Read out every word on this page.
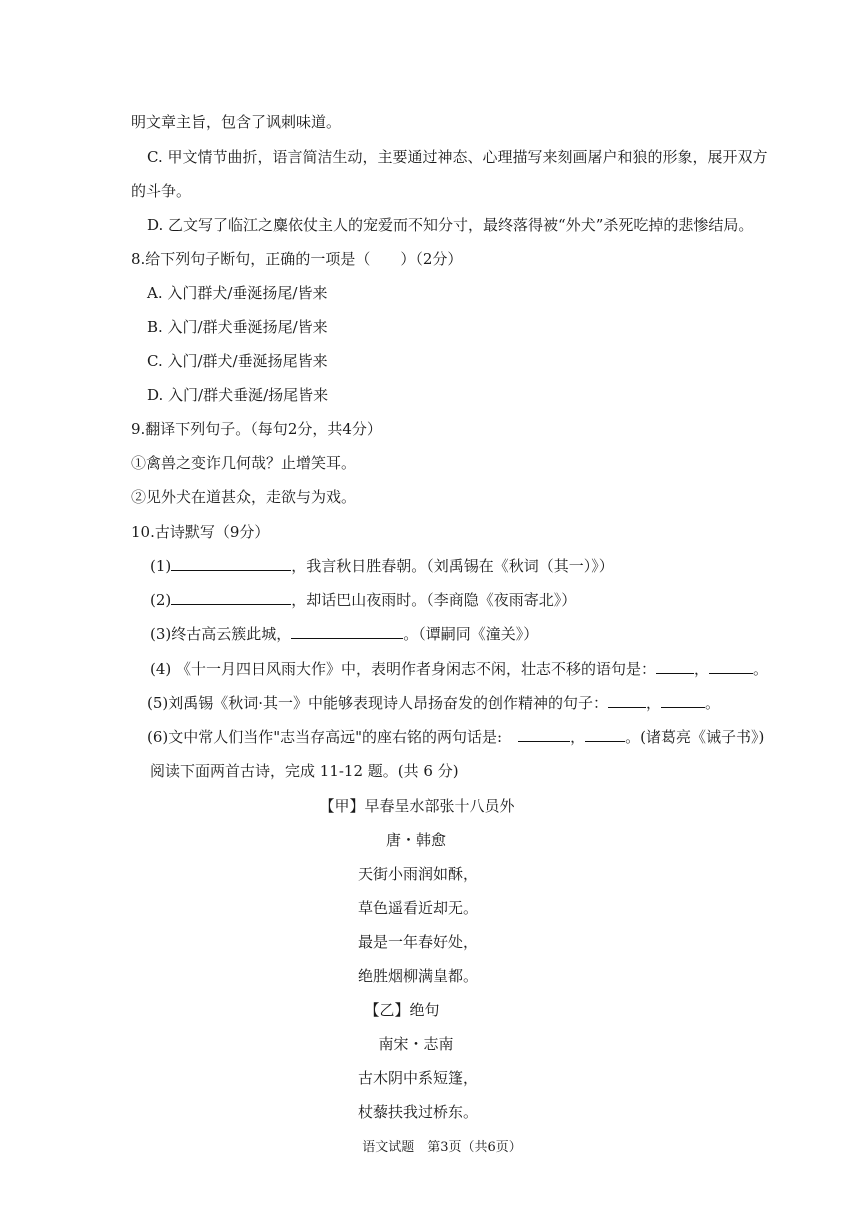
明文章主旨，包含了讽刺味道。
C. 甲文情节曲折，语言简洁生动，主要通过神态、心理描写来刻画屠户和狼的形象，展开双方
的斗争。
D. 乙文写了临江之麋依仗主人的宠爱而不知分寸，最终落得被“外犬”杀死吃掉的悲惨结局。
8.给下列句子断句，正确的一项是（　　）（2分）
A. 入门群犬/垂涎扬尾/皆来
B. 入门/群犬垂涎扬尾/皆来
C. 入门/群犬/垂涎扬尾皆来
D. 入门/群犬垂涎/扬尾皆来
9.翻译下列句子。（每句2分，共4分）
①禽兽之变诈几何哉？止增笑耳。
②见外犬在道甚众，走欲与为戏。
10.古诗默写（9分）
(1)	，我言秋日胜春朝。（刘禹锡在《秋词（其一）》）
(2)	，却话巴山夜雨时。（李商隐《夜雨寄北》）
(3)终古高云簇此城，	。（谭嗣同《潼关》）
(4) 《十一月四日风雨大作》中，表明作者身闲志不闲，壮志不移的语句是：	，	。
(5)刘禹锡《秋词·其一》中能够表现诗人昂扬奋发的创作精神的句子：	，	。
(6)文中常人们当作"志当存高远"的座右铭的两句话是:	，	。(诸葛亮《诫子书》)
阅读下面两首古诗，完成 11-12 题。(共 6 分)
【甲】早春呈水部张十八员外
唐・韩愈
天街小雨润如酥，
草色遥看近却无。
最是一年春好处，
绝胜烟柳满皇都。
【乙】绝句
南宋・志南
古木阴中系短篷，
杖藜扶我过桥东。
语文试题　第3页（共6页）
